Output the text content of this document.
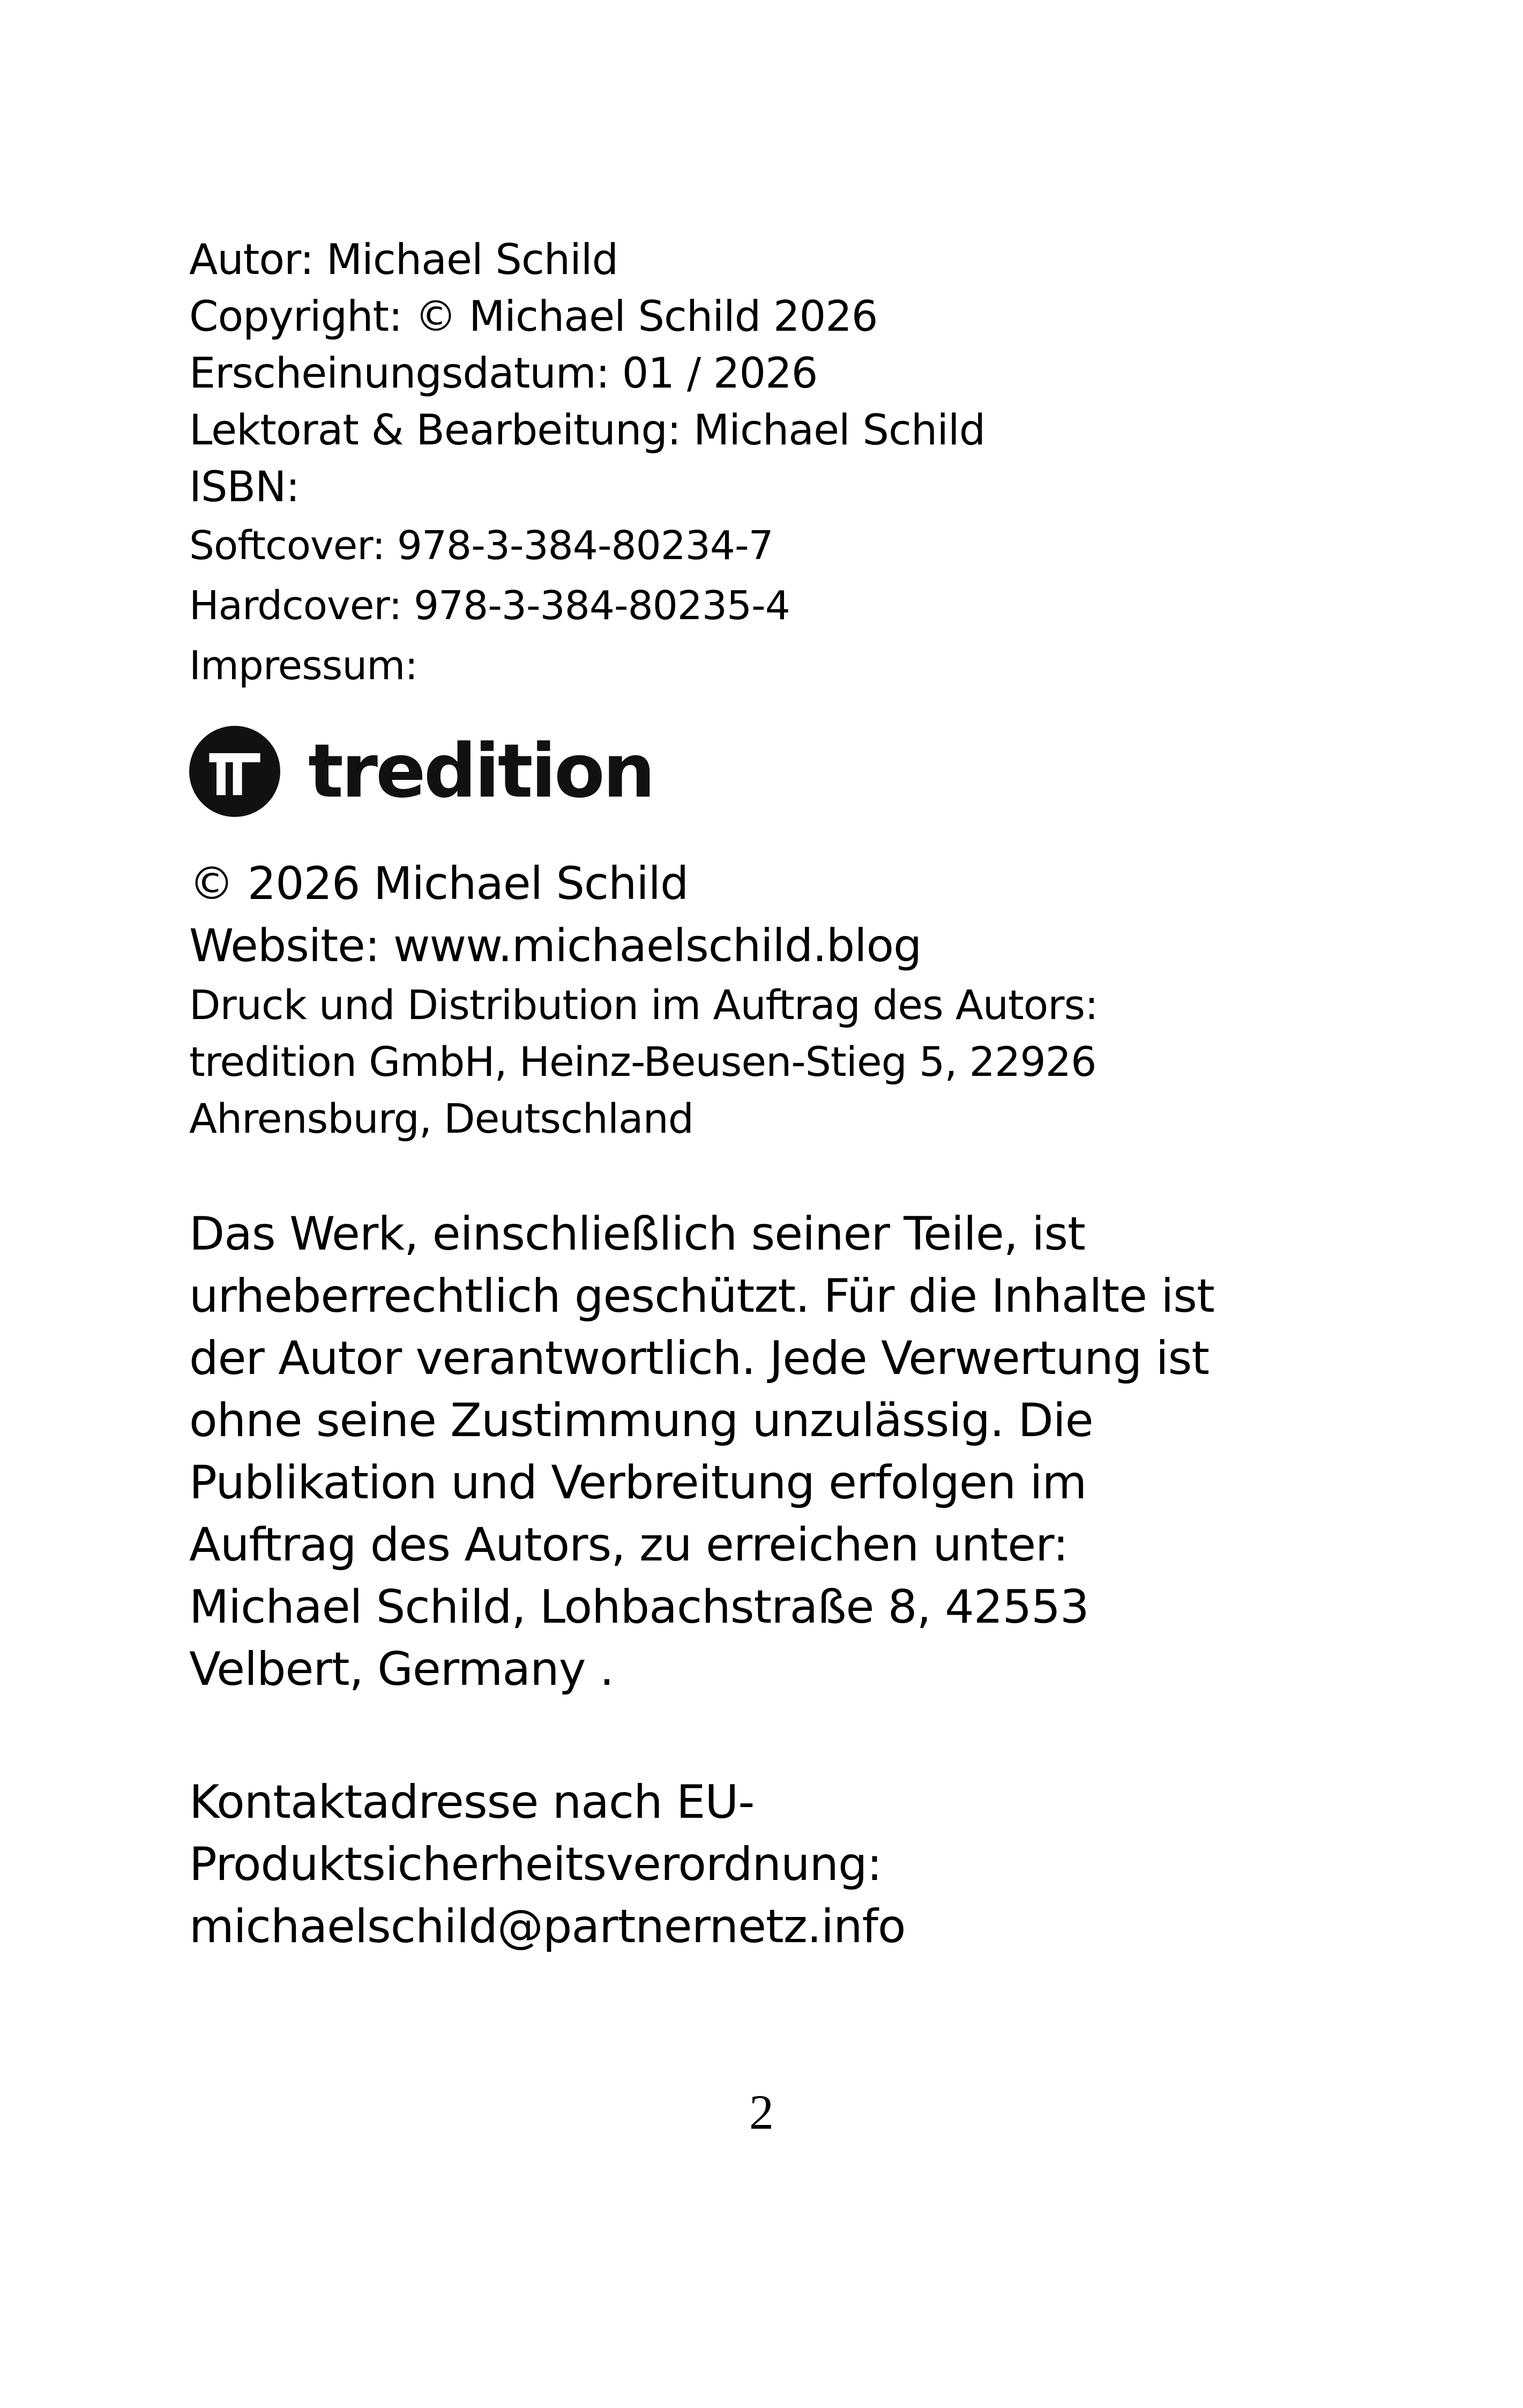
Autor: Michael Schild
Copyright: © Michael Schild 2026
Erscheinungsdatum: 01 / 2026
Lektorat & Bearbeitung: Michael Schild
ISBN:
Softcover: 978-3-384-80234-7
Hardcover: 978-3-384-80235-4
Impressum:
tredition
© 2026 Michael Schild
Website: www.michaelschild.blog
Druck und Distribution im Auftrag des Autors:
tredition GmbH, Heinz-Beusen-Stieg 5, 22926
Ahrensburg, Deutschland
Das Werk, einschließlich seiner Teile, ist
urheberrechtlich geschützt. Für die Inhalte ist
der Autor verantwortlich. Jede Verwertung ist
ohne seine Zustimmung unzulässig. Die
Publikation und Verbreitung erfolgen im
Auftrag des Autors, zu erreichen unter:
Michael Schild, Lohbachstraße 8, 42553
Velbert, Germany .
Kontaktadresse nach EU-
Produktsicherheitsverordnung:
michaelschild@partnernetz.info
2
